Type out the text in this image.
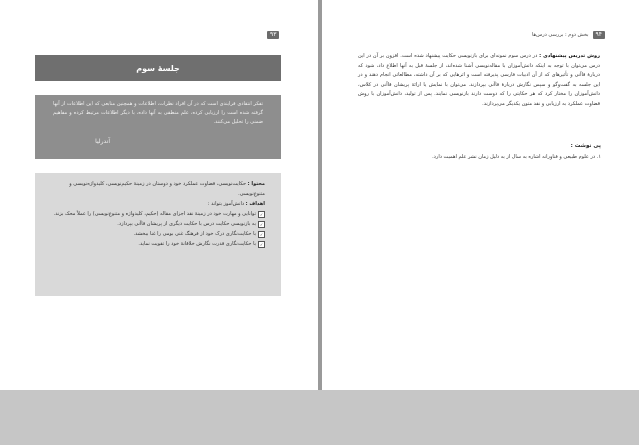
۹۳
جلسهٔ سوم
تفکر انتقادی فرایندی است که در آن افراد نظرات، اطلاعات و همچنین منابعی که این اطلاعات از آنها گرفته شده است را ارزیابی کرده، علم منطقی به آنها داده، با دیگر اطلاعات مرتبط کرده و مفاهیم ضمنی را تحلیل می‌کنند.
آندرلیا
محتوا : حکایت‌نویسی، قضاوت عملکرد خود و دوستان در زمینهٔ حکیم‌نویسی، کلیدواژه‌نویسی و متنوع‌نویسی.
اهداف : دانش‌آموز بتواند :
✓
توانایی و مهارت خود در زمینهٔ نقد اجزای مقاله (حکیم، کلیدواژه و متنوع‌نویسی) را عملاً محک بزند.
✓
به بازنویسی حکایت درس با حکایت دیگری از پریشان قاآنی بپردازد.
✓
با حکایت‌نگاری درک خود از فرهنگ غنی بومی را غنا ببخشد.
✓
با حکایت‌نگاری قدرت نگارش خلاقانهٔ خود را تقویت نماید.
۹۴
بخش دوم : بررسی درس‌ها
روش تدریس پیشنهادی : در درس سوم نمونه‌ای برای بازنویسی حکایت پیشنهاد شده است. افزون بر آن در این درس می‌توان با توجه به اینکه دانش‌آموزان با مقاله‌نویسی آشنا شده‌اند، از جلسهٔ قبل به آنها اطلاع داد، شود که دربارهٔ قاآنی و تأثیرهای که از آن ادبیات فارسی پذیرفته است و اثرهایی که بر آن داشته، مطالعاتی انجام دهند و در این جلسه به گفت‌وگو و سپس نگارش دربارهٔ قاآنی بپردازند. می‌توان با نمایش یا ارائهٔ پریشان قاآنی در کلاس، دانش‌آموزان را مختار کرد که هر حکایتی را که دوست دارند بازنویسی نمایند. پس از تولید، دانش‌آموزان با روش قضاوت عملکرد به ارزیابی و نقد متون یکدیگر می‌پردازند.
پی نوشت :
۱. در علوم طبیعی و فناورانه اشاره به سال از به دلیل زمان نشر علم اهمیت دارد.
